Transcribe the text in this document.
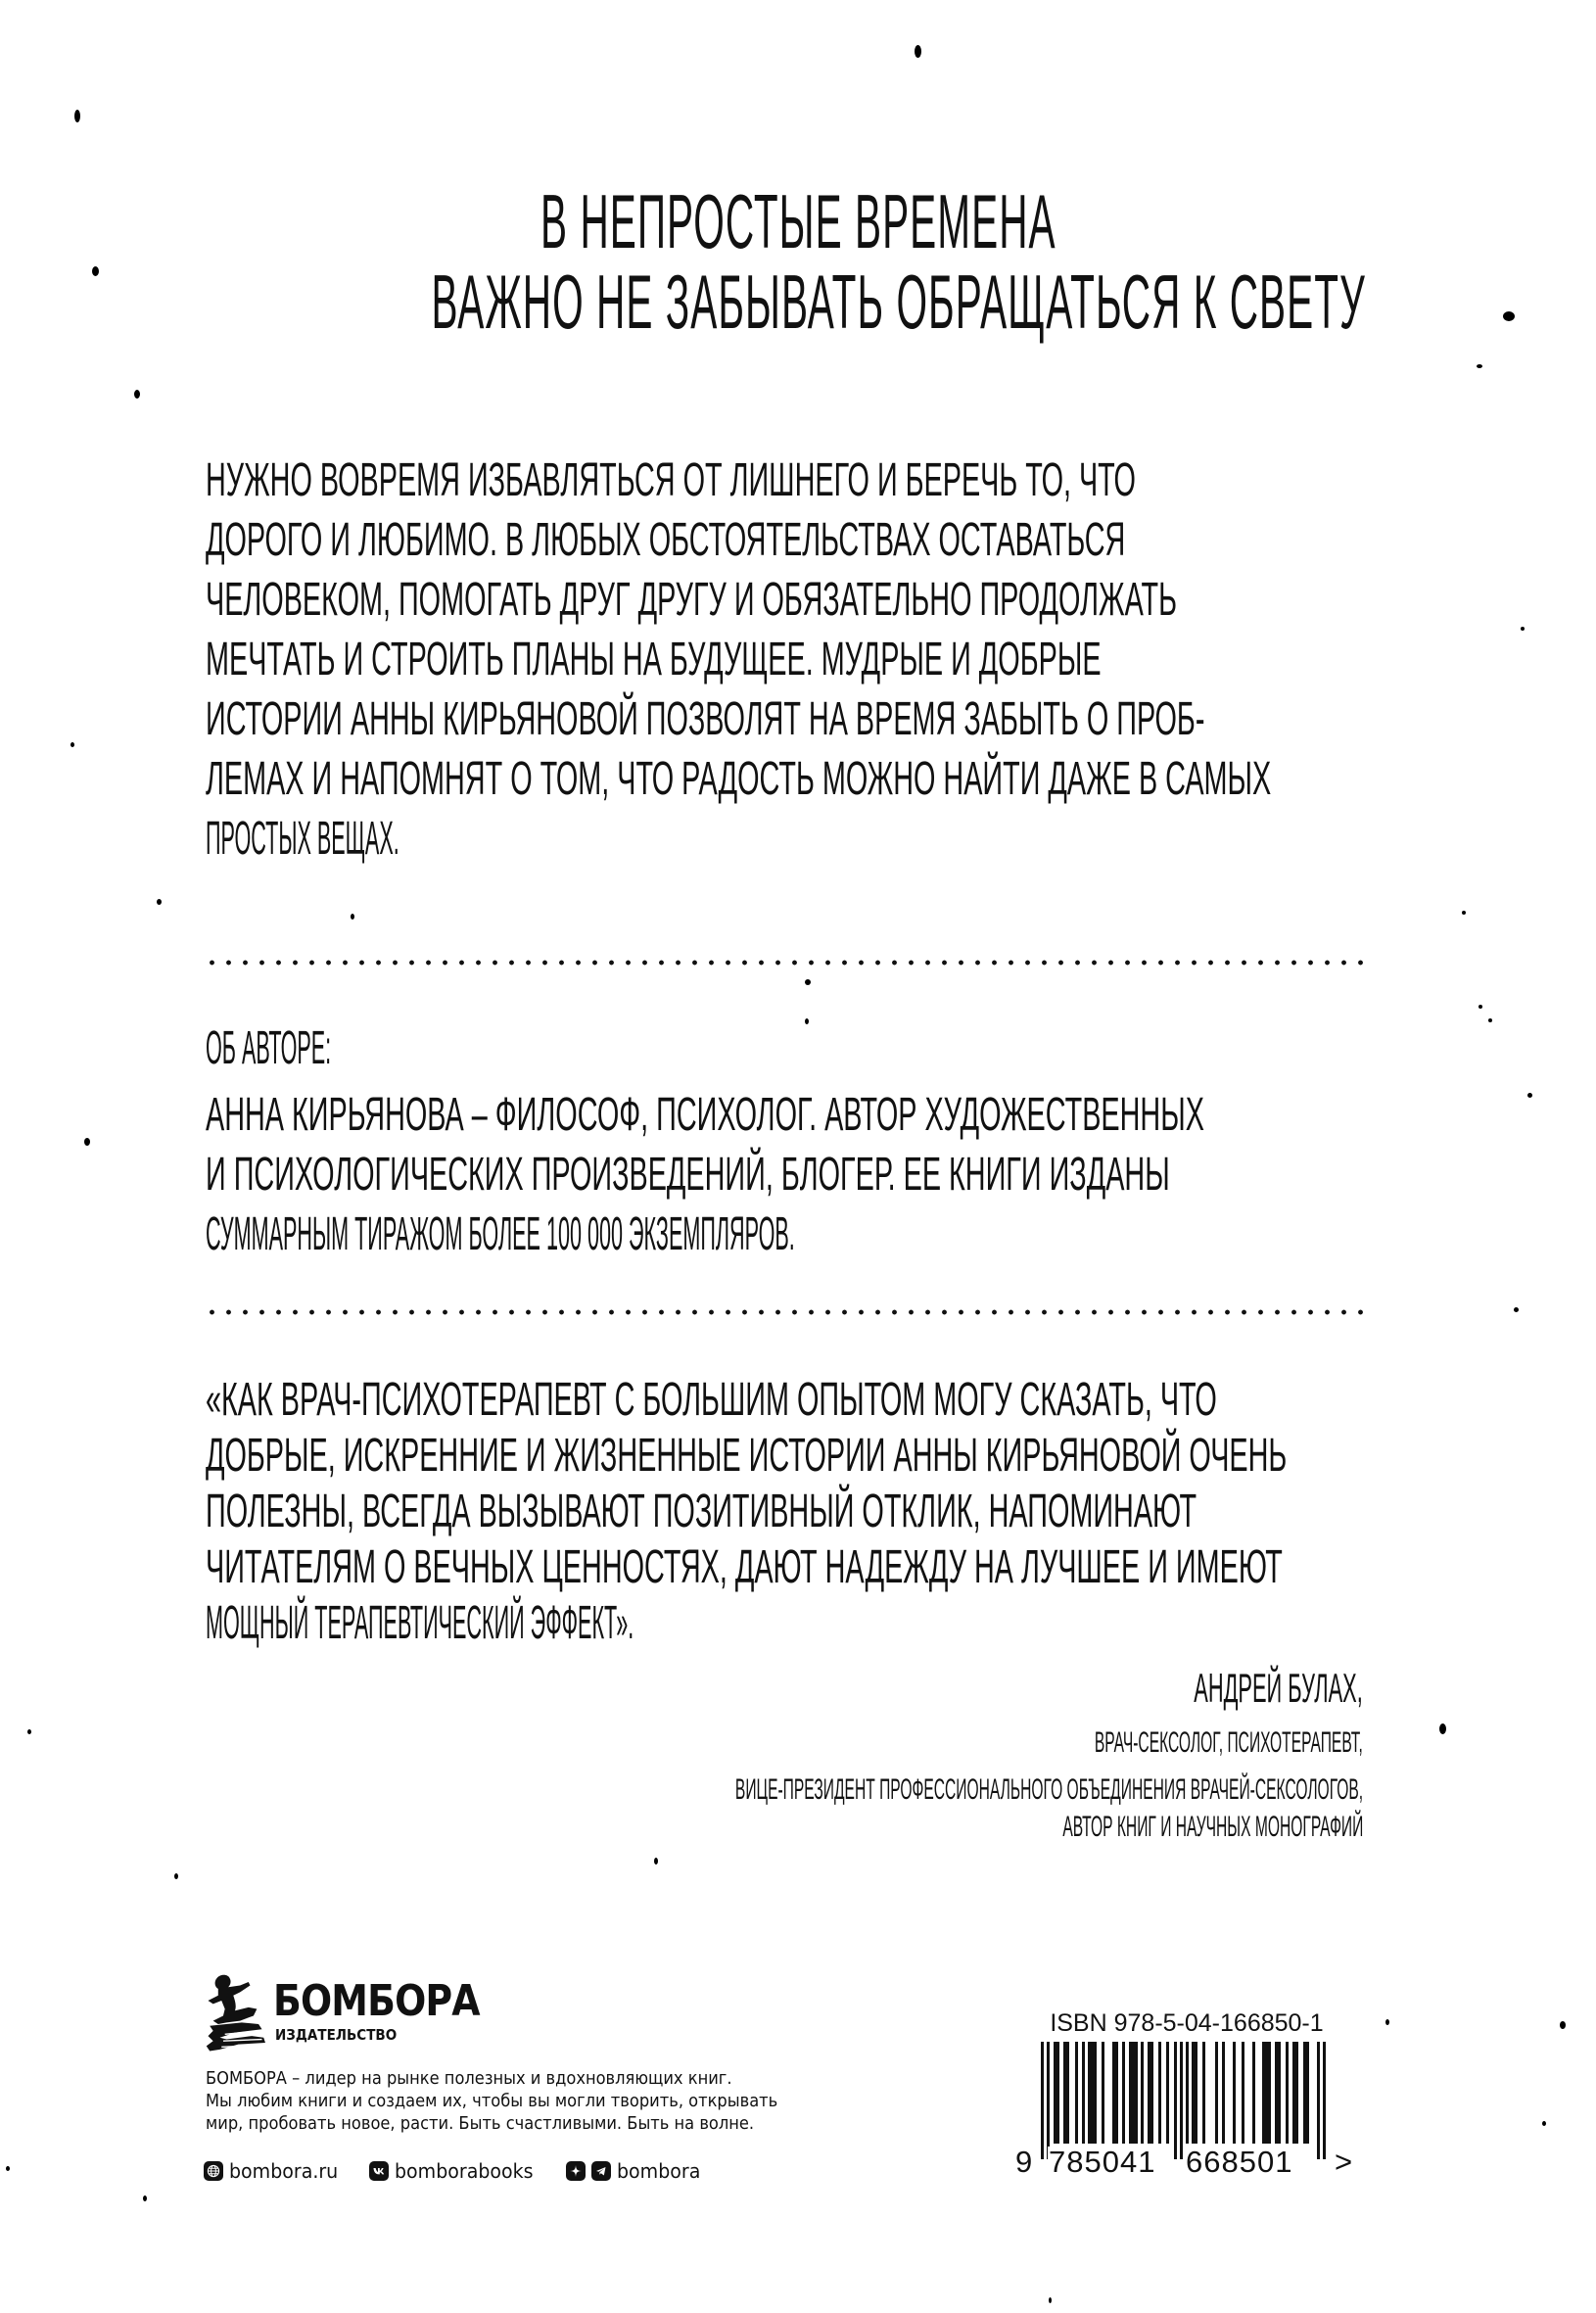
В НЕПРОСТЫЕ ВРЕМЕНА
ВАЖНО НЕ ЗАБЫВАТЬ ОБРАЩАТЬСЯ К СВЕТУ
НУЖНО ВОВРЕМЯ ИЗБАВЛЯТЬСЯ ОТ ЛИШНЕГО И БЕРЕЧЬ ТО, ЧТО
ДОРОГО И ЛЮБИМО. В ЛЮБЫХ ОБСТОЯТЕЛЬСТВАХ ОСТАВАТЬСЯ
ЧЕЛОВЕКОМ, ПОМОГАТЬ ДРУГ ДРУГУ И ОБЯЗАТЕЛЬНО ПРОДОЛЖАТЬ
МЕЧТАТЬ И СТРОИТЬ ПЛАНЫ НА БУДУЩЕЕ. МУДРЫЕ И ДОБРЫЕ
ИСТОРИИ АННЫ КИРЬЯНОВОЙ ПОЗВОЛЯТ НА ВРЕМЯ ЗАБЫТЬ О ПРОБ-
ЛЕМАХ И НАПОМНЯТ О ТОМ, ЧТО РАДОСТЬ МОЖНО НАЙТИ ДАЖЕ В САМЫХ
ПРОСТЫХ ВЕЩАХ.
ОБ АВТОРЕ:
АННА КИРЬЯНОВА – ФИЛОСОФ, ПСИХОЛОГ. АВТОР ХУДОЖЕСТВЕННЫХ
И ПСИХОЛОГИЧЕСКИХ ПРОИЗВЕДЕНИЙ, БЛОГЕР. ЕЕ КНИГИ ИЗДАНЫ
СУММАРНЫМ ТИРАЖОМ БОЛЕЕ 100 000 ЭКЗЕМПЛЯРОВ.
«КАК ВРАЧ-ПСИХОТЕРАПЕВТ С БОЛЬШИМ ОПЫТОМ МОГУ СКАЗАТЬ, ЧТО
ДОБРЫЕ, ИСКРЕННИЕ И ЖИЗНЕННЫЕ ИСТОРИИ АННЫ КИРЬЯНОВОЙ ОЧЕНЬ
ПОЛЕЗНЫ, ВСЕГДА ВЫЗЫВАЮТ ПОЗИТИВНЫЙ ОТКЛИК, НАПОМИНАЮТ
ЧИТАТЕЛЯМ О ВЕЧНЫХ ЦЕННОСТЯХ, ДАЮТ НАДЕЖДУ НА ЛУЧШЕЕ И ИМЕЮТ
МОЩНЫЙ ТЕРАПЕВТИЧЕСКИЙ ЭФФЕКТ».
АНДРЕЙ БУЛАХ,
ВРАЧ-СЕКСОЛОГ, ПСИХОТЕРАПЕВТ,
ВИЦЕ-ПРЕЗИДЕНТ ПРОФЕССИОНАЛЬНОГО ОБЪЕДИНЕНИЯ ВРАЧЕЙ-СЕКСОЛОГОВ,
АВТОР КНИГ И НАУЧНЫХ МОНОГРАФИЙ
БОМБОРА
ИЗДАТЕЛЬСТВО
БОМБОРА – лидер на рынке полезных и вдохновляющих книг.
Мы любим книги и создаем их, чтобы вы могли творить, открывать
мир, пробовать новое, расти. Быть счастливыми. Быть на волне.
bombora.ru	bomborabooks	bombora
ISBN 978-5-04-166850-1
9 785041 668501 >
